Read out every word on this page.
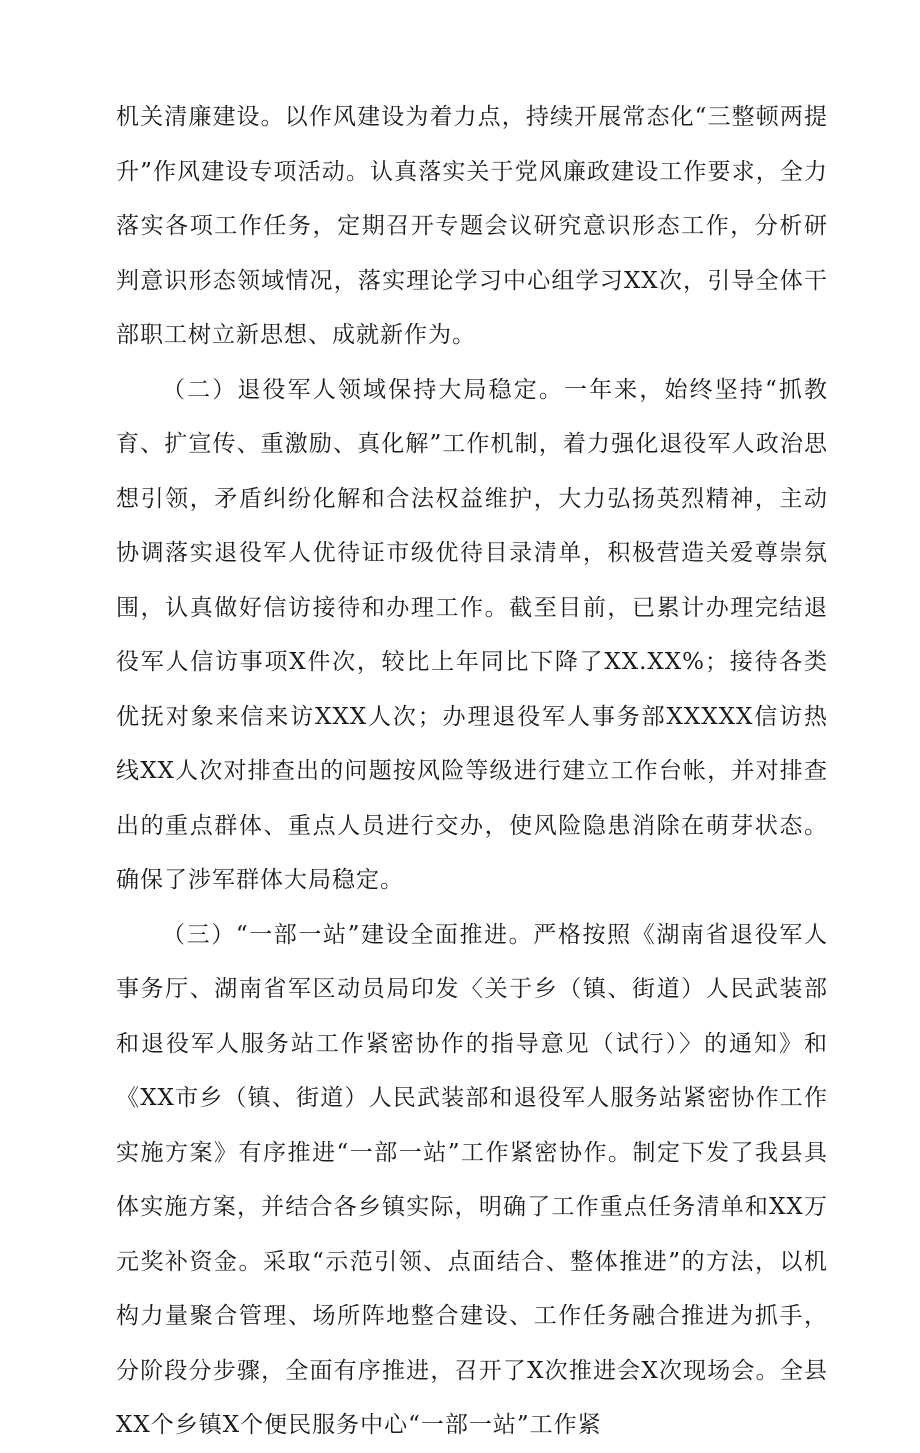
机关清廉建设。以作风建设为着力点，持续开展常态化“三整顿两提升”作风建设专项活动。认真落实关于党风廉政建设工作要求，全力落实各项工作任务，定期召开专题会议研究意识形态工作，分析研判意识形态领域情况，落实理论学习中心组学习XX次，引导全体干部职工树立新思想、成就新作为。

（二）退役军人领域保持大局稳定。一年来，始终坚持“抓教育、扩宣传、重激励、真化解”工作机制，着力强化退役军人政治思想引领，矛盾纠纷化解和合法权益维护，大力弘扬英烈精神，主动协调落实退役军人优待证市级优待目录清单，积极营造关爱尊崇氛围，认真做好信访接待和办理工作。截至目前，已累计办理完结退役军人信访事项X件次，较比上年同比下降了XX.XX%；接待各类优抚对象来信来访XXX人次；办理退役军人事务部XXXXX信访热线XX人次对排查出的问题按风险等级进行建立工作台帐，并对排查出的重点群体、重点人员进行交办，使风险隐患消除在萌芽状态。确保了涉军群体大局稳定。

（三）“一部一站”建设全面推进。严格按照《湖南省退役军人事务厅、湖南省军区动员局印发〈关于乡（镇、街道）人民武装部和退役军人服务站工作紧密协作的指导意见（试行）〉的通知》和《XX市乡（镇、街道）人民武装部和退役军人服务站紧密协作工作实施方案》有序推进“一部一站”工作紧密协作。制定下发了我县具体实施方案，并结合各乡镇实际，明确了工作重点任务清单和XX万元奖补资金。采取“示范引领、点面结合、整体推进”的方法，以机构力量聚合管理、场所阵地整合建设、工作任务融合推进为抓手，分阶段分步骤，全面有序推进，召开了X次推进会X次现场会。全县XX个乡镇X个便民服务中心“一部一站”工作紧
